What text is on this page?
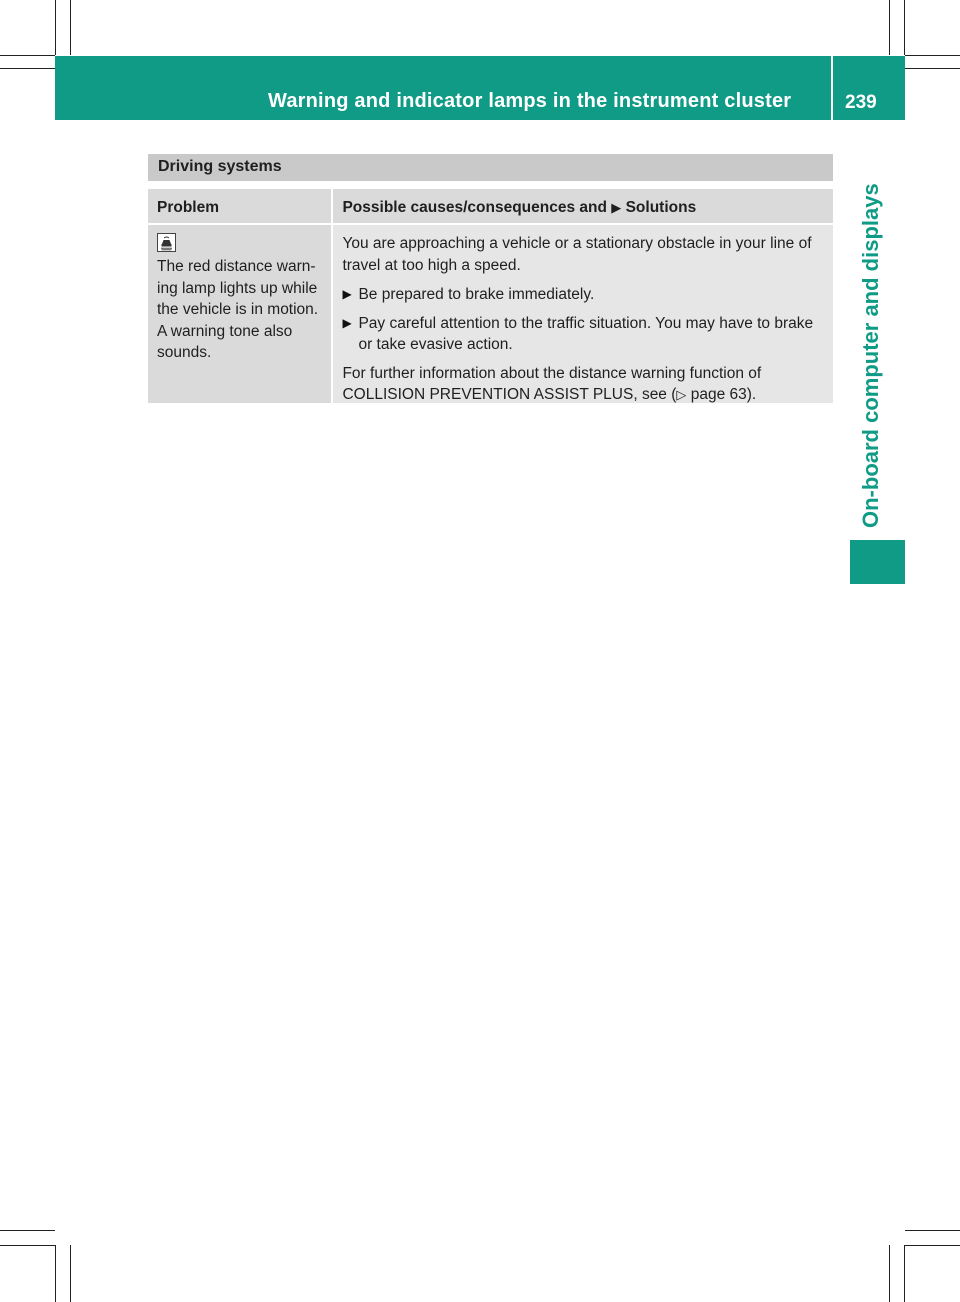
Warning and indicator lamps in the instrument cluster	239
On-board computer and displays
Driving systems
Problem	Possible causes/consequences and ▶ Solutions
The red distance warn-ing lamp lights up while the vehicle is in motion. A warning tone also sounds.

You are approaching a vehicle or a stationary obstacle in your line of travel at too high a speed.

▶ Be prepared to brake immediately.
▶ Pay careful attention to the traffic situation. You may have to brake or take evasive action.

For further information about the distance warning function of COLLISION PREVENTION ASSIST PLUS, see (▷ page 63).
